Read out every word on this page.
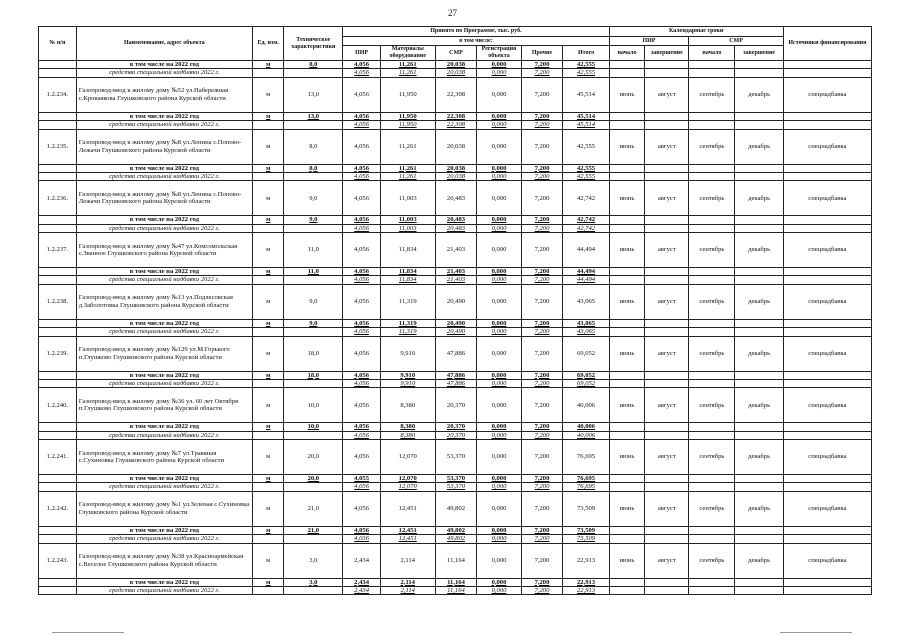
27
№ п/п	Наименование, адрес объекта	Ед. изм.	Техническое характеристики	Принято по Программе, тыс. руб.						Календарные сроки				Источники финансирования
				в том числе:						ПИР		СМР		
				ПИР	Материалы оборудование	СМР	Регистрация объекта	Прочие	Итого	начало	завершение	начало	завершение	
	в том числе на 2022 год	м	8,0	4,056	11,261	20,038	0,000	7,200	42,555					
	средства специальной надбавки 2022 г.			4,056	11,261	20,038	0,000	7,200	42,555					
1.2.234.	Газопровод-ввод к жилому дому №52 ул.Набережная с.Кроваякова Глушковского района Курской области	м	13,0	4,056	11,950	22,308	0,000	7,200	45,514	июнь	август	сентябрь	декабрь	спецнадбавка
	в том числе на 2022 год	м	13,0	4,056	11,950	22,308	0,000	7,200	45,514					
	средства специальной надбавки 2022 г.			4,056	11,950	22,308	0,000	7,200	45,514					
1.2.235.	Газопровод-ввод к жилому дому №8 ул.Ленина с.Попово-Лежачи Глушковского района Курской области	м	8,0	4,056	11,261	20,038	0,000	7,200	42,555	июнь	август	сентябрь	декабрь	спецнадбавка
	в том числе на 2022 год	м	8,0	4,056	11,261	20,038	0,000	7,200	42,555					
	средства специальной надбавки 2022 г.			4,056	11,261	20,038	0,000	7,200	42,555					
1.2.236.	Газопровод-ввод к жилому дому №8 ул.Ленина с.Попово-Лежачи Глушковского района Курской области	м	9,0	4,056	11,003	20,483	0,000	7,200	42,742	июнь	август	сентябрь	декабрь	спецнадбавка
	в том числе на 2022 год	м	9,0	4,056	11,003	20,483	0,000	7,200	42,742					
	средства специальной надбавки 2022 г.			4,056	11,003	20,483	0,000	7,200	42,742					
1.2.237.	Газопровод-ввод к жилому дому №47 ул.Комсомольская с.Званное Глушковского района Курской области	м	11,0	4,056	11,834	21,403	0,000	7,200	44,494	июнь	август	сентябрь	декабрь	спецнадбавка
	в том числе на 2022 год	м	11,0	4,056	11,834	21,403	0,000	7,200	44,494					
	средства специальной надбавки 2022 г.			4,056	11,834	21,403	0,000	7,200	44,494					
1.2.238.	Газопровод-ввод к жилому дому №13 ул.Подлесовская д.Заболотовка Глушковского района Курской области	м	9,0	4,056	11,319	20,490	0,000	7,200	43,065	июнь	август	сентябрь	декабрь	спецнадбавка
	в том числе на 2022 год	м	9,0	4,056	11,319	20,490	0,000	7,200	43,065					
	средства специальной надбавки 2022 г.			4,056	11,319	20,490	0,000	7,200	43,065					
1.2.239.	Газопровод-ввод к жилому дому №129 ул.М.Горького п.Глушково Глушковского района Курской области	м	18,0	4,056	9,910	47,886	0,000	7,200	69,052	июнь	август	сентябрь	декабрь	спецнадбавка
	в том числе на 2022 год	м	18,0	4,056	9,910	47,886	0,000	7,200	69,052					
	средства специальной надбавки 2022 г.			4,056	9,910	47,886	0,000	7,200	69,052					
1.2.240.	Газопровод-ввод к жилому дому №36 ул. 60 лет Октября п.Глушково Глушковского района Курской области	м	10,0	4,056	8,380	20,370	0,000	7,200	40,006	июнь	август	сентябрь	декабрь	спецнадбавка
	в том числе на 2022 год	м	10,0	4,056	8,380	20,370	0,000	7,200	40,006					
	средства специальной надбавки 2022 г.			4,056	8,380	20,370	0,000	7,200	40,006					
1.2.241.	Газопровод-ввод к жилому дому №7 ул.Травяная с.Сухиновка Глушковского района Курской области	м	20,0	4,056	12,070	53,370	0,000	7,200	76,695	июнь	август	сентябрь	декабрь	спецнадбавка
	в том числе на 2022 год	м	20,0	4,055	12,070	53,370	0,000	7,200	76,695					
	средства специальной надбавки 2022 г.			4,056	12,070	53,370	0,000	7,200	76,695					
1.2.242.	Газопровод-ввод к жилому дому №1 ул.Зеленая с.Сухиновка Глушковского района Курской области	м	21,0	4,056	12,451	49,802	0,000	7,200	73,509	июнь	август	сентябрь	декабрь	спецнадбавка
	в том числе на 2022 год	м	21,0	4,056	12,451	49,802	0,000	7,200	73,509					
	средства специальной надбавки 2022 г.			4,036	12,451	49,802	0,000	7,200	73,509					
1.2.243.	Газопровод-ввод к жилому дому №38 ул.Красноармейская с.Веселое Глушковского района Курской области	м	3,0	2,434	2,114	11,164	0,000	7,200	22,913	июнь	август	сентябрь	декабрь	спецнадбавка
	в том числе на 2022 год	м	3,0	2,434	2,114	11,164	0,000	7,200	22,913					
	средства специальной надбавки 2022 г.			2,434	2,114	11,164	0,000	7,200	22,913					
